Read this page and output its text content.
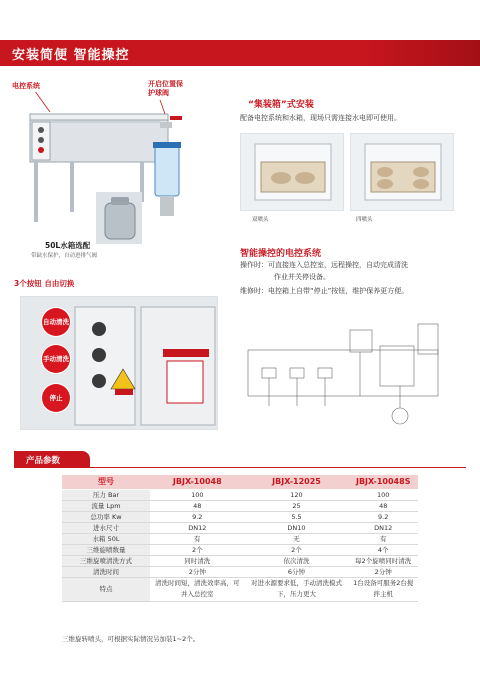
安装简便 智能操控
电控系统	开启位置保护球阀
50L水箱选配
带缺水保护，自动进排气阀
“集装箱”式安装
配备电控系统和水箱，现场只需连接水电即可使用。
双喷头	四喷头
智能操控的电控系统
操作时：可直接连入总控室，远程操控，自动完成清洗
作业并关停设备。
维修时：电控箱上自带“停止”按钮，维护保养更方便。
3个按钮 自由切换
自动清洗
手动清洗
停止
产品参数
型号	JBJX-10048	JBJX-12025	JBJX-10048S
压力 Bar	100	120	100
流量 Lpm	48	25	48
总功率 Kw	9.2	5.5	9.2
进水尺寸	DN12	DN10	DN12
水箱 50L	有	无	有
三维旋喷数量	2个	2个	4个
三维旋喷清洗方式	同时清洗	依次清洗	每2个旋喷同时清洗
清洗时间	2分钟	6分钟	2分钟
特点	清洗时间短，清洗效率高，可并入总控室	对进水源要求低，手动清洗模式下，压力更大	1台设备可服务2台搅拌主机
三维旋转喷头，可根据实际情况另加装1~2个。
